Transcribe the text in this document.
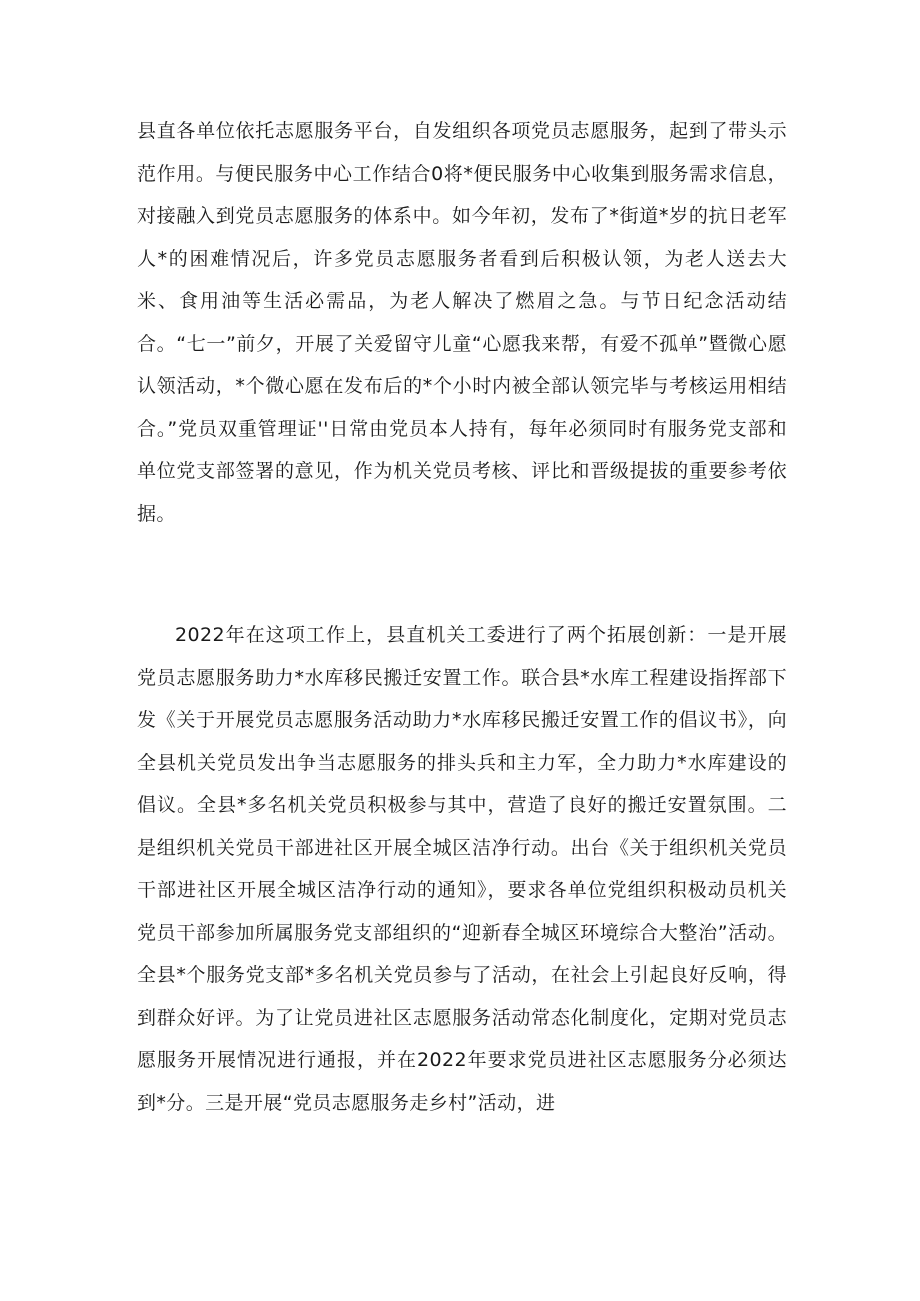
县直各单位依托志愿服务平台，自发组织各项党员志愿服务，起到了带头示范作用。与便民服务中心工作结合0将*便民服务中心收集到服务需求信息，对接融入到党员志愿服务的体系中。如今年初，发布了*街道*岁的抗日老军人*的困难情况后，许多党员志愿服务者看到后积极认领，为老人送去大米、食用油等生活必需品，为老人解决了燃眉之急。与节日纪念活动结合。“七一”前夕，开展了关爱留守儿童“心愿我来帮，有爱不孤单”暨微心愿认领活动，*个微心愿在发布后的*个小时内被全部认领完毕与考核运用相结合。”党员双重管理证''日常由党员本人持有，每年必须同时有服务党支部和单位党支部签署的意见，作为机关党员考核、评比和晋级提拔的重要参考依据。

2022年在这项工作上，县直机关工委进行了两个拓展创新：一是开展党员志愿服务助力*水库移民搬迁安置工作。联合县*水库工程建设指挥部下发《关于开展党员志愿服务活动助力*水库移民搬迁安置工作的倡议书》，向全县机关党员发出争当志愿服务的排头兵和主力军，全力助力*水库建设的倡议。全县*多名机关党员积极参与其中，营造了良好的搬迁安置氛围。二是组织机关党员干部进社区开展全城区洁净行动。出台《关于组织机关党员干部进社区开展全城区洁净行动的通知》，要求各单位党组织积极动员机关党员干部参加所属服务党支部组织的“迎新春全城区环境综合大整治”活动。全县*个服务党支部*多名机关党员参与了活动，在社会上引起良好反响，得到群众好评。为了让党员进社区志愿服务活动常态化制度化，定期对党员志愿服务开展情况进行通报，并在2022年要求党员进社区志愿服务分必须达到*分。三是开展“党员志愿服务走乡村”活动，进
